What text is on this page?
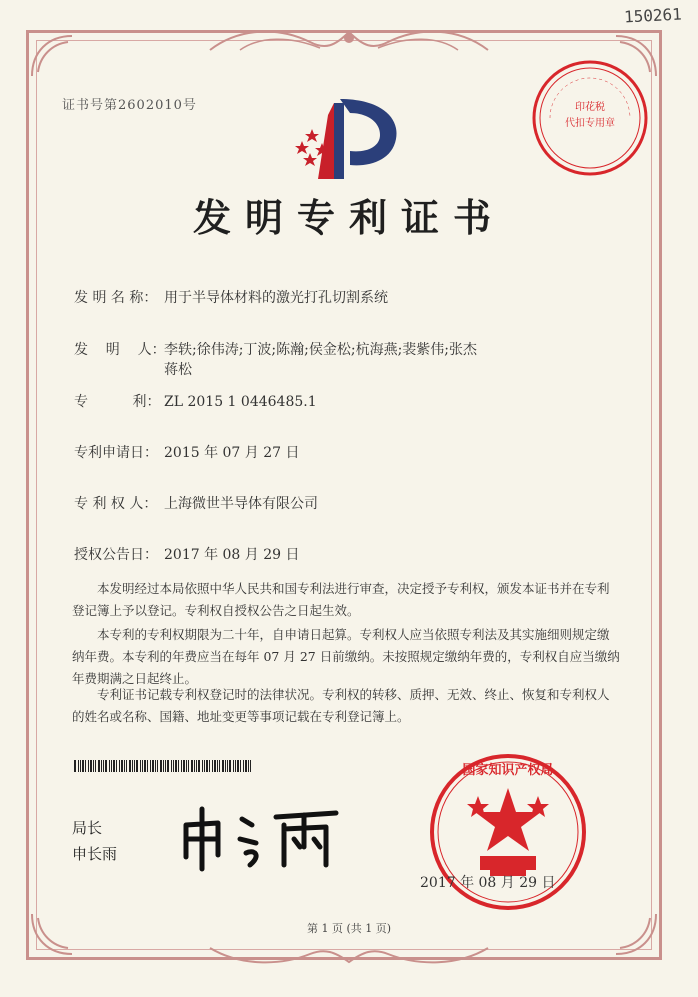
150261
证书号第2602010号
发明专利证书
发 明 名 称： 用于半导体材料的激光打孔切割系统
发    明    人：李轶;徐伟涛;丁波;陈瀚;侯金松;杭海燕;裴紫伟;张杰
蒋松
专          利： ZL 2015 1 0446485.1
专利申请日： 2015 年 07 月 27 日
专 利 权 人： 上海微世半导体有限公司
授权公告日： 2017 年 08 月 29 日
本发明经过本局依照中华人民共和国专利法进行审查，决定授予专利权，颁发本证书并在专利登记簿上予以登记。专利权自授权公告之日起生效。
本专利的专利权期限为二十年，自申请日起算。专利权人应当依照专利法及其实施细则规定缴纳年费。本专利的年费应当在每年 07 月 27 日前缴纳。未按照规定缴纳年费的，专利权自应当缴纳年费期满之日起终止。
专利证书记载专利权登记时的法律状况。专利权的转移、质押、无效、终止、恢复和专利权人的姓名或名称、国籍、地址变更等事项记载在专利登记簿上。
局长
申长雨
印花税
代扣专用章
国家知识产权局
2017 年 08 月 29 日
第 1 页 (共 1 页)
